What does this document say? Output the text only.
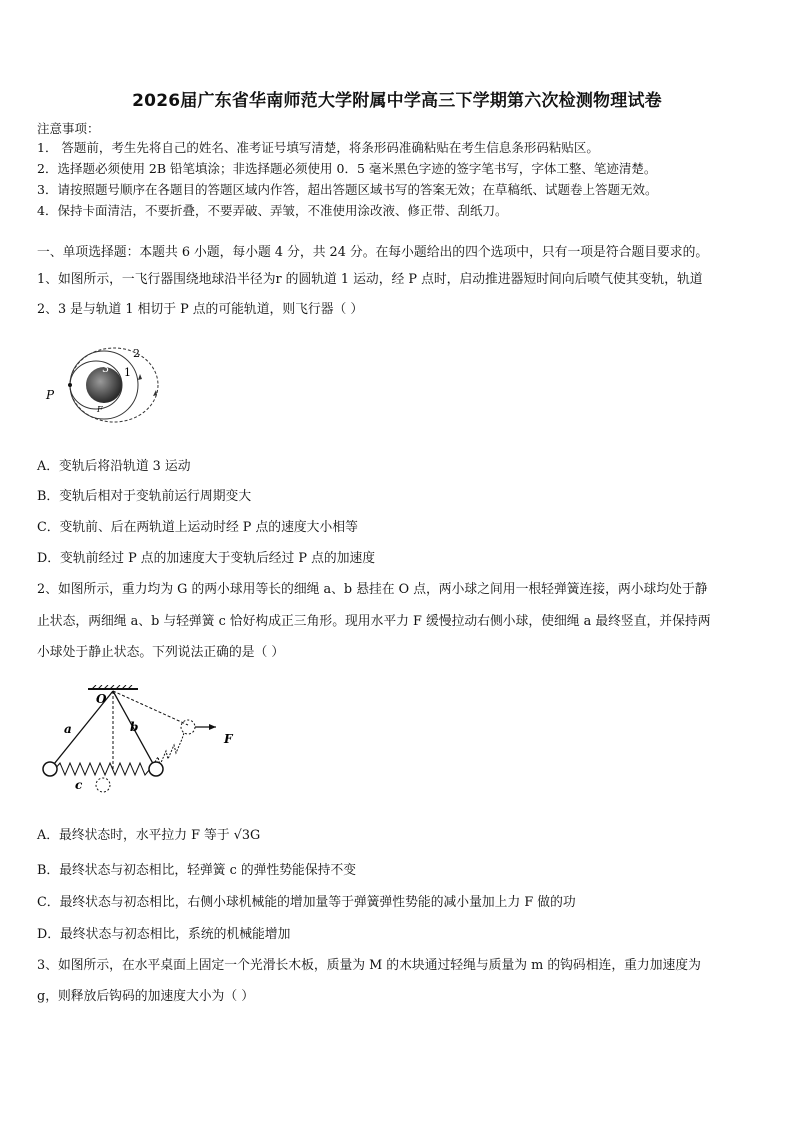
2026届广东省华南师范大学附属中学高三下学期第六次检测物理试卷
注意事项：
1． 答题前，考生先将自己的姓名、准考证号填写清楚，将条形码准确粘贴在考生信息条形码粘贴区。
2．选择题必须使用 2B 铅笔填涂；非选择题必须使用 0．5 毫米黑色字迹的签字笔书写，字体工整、笔迹清楚。
3．请按照题号顺序在各题目的答题区域内作答，超出答题区域书写的答案无效；在草稿纸、试题卷上答题无效。
4．保持卡面清洁，不要折叠，不要弄破、弄皱，不准使用涂改液、修正带、刮纸刀。
一、单项选择题：本题共 6 小题，每小题 4 分，共 24 分。在每小题给出的四个选项中，只有一项是符合题目要求的。
1、如图所示，一飞行器围绕地球沿半径为r 的圆轨道 1 运动，经 P 点时，启动推进器短时间向后喷气使其变轨，轨道
2、3 是与轨道 1 相切于 P 点的可能轨道，则飞行器（ ）
P
1
2
3
F
A．变轨后将沿轨道 3 运动
B．变轨后相对于变轨前运行周期变大
C．变轨前、后在两轨道上运动时经 P 点的速度大小相等
D．变轨前经过 P 点的加速度大于变轨后经过 P 点的加速度
2、如图所示，重力均为 G 的两小球用等长的细绳 a、b 悬挂在 O 点，两小球之间用一根轻弹簧连接，两小球均处于静
止状态，两细绳 a、b 与轻弹簧 c 恰好构成正三角形。现用水平力 F 缓慢拉动右侧小球，使细绳 a 最终竖直，并保持两
小球处于静止状态。下列说法正确的是（ ）
O
a	b
c
F
A．最终状态时，水平拉力 F 等于 √3G
B．最终状态与初态相比，轻弹簧 c 的弹性势能保持不变
C．最终状态与初态相比，右侧小球机械能的增加量等于弹簧弹性势能的减小量加上力 F 做的功
D．最终状态与初态相比，系统的机械能增加
3、如图所示，在水平桌面上固定一个光滑长木板，质量为 M 的木块通过轻绳与质量为 m 的钩码相连，重力加速度为
g，则释放后钩码的加速度大小为（ ）
